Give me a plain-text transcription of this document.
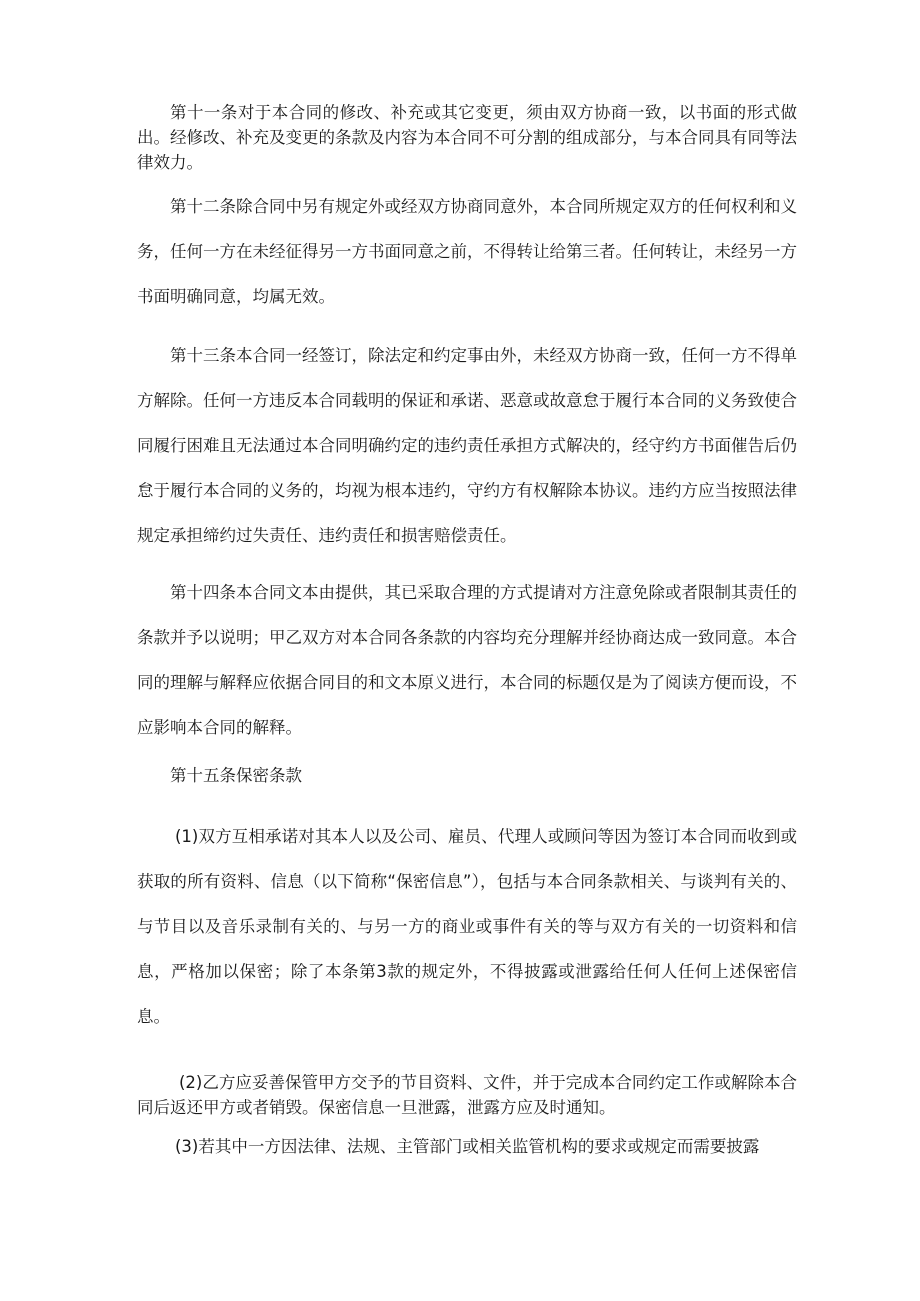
第十一条对于本合同的修改、补充或其它变更，须由双方协商一致，以书面的形式做出。经修改、补充及变更的条款及内容为本合同不可分割的组成部分，与本合同具有同等法律效力。

第十二条除合同中另有规定外或经双方协商同意外，本合同所规定双方的任何权利和义务，任何一方在未经征得另一方书面同意之前，不得转让给第三者。任何转让，未经另一方书面明确同意，均属无效。

第十三条本合同一经签订，除法定和约定事由外，未经双方协商一致，任何一方不得单方解除。任何一方违反本合同载明的保证和承诺、恶意或故意怠于履行本合同的义务致使合同履行困难且无法通过本合同明确约定的违约责任承担方式解决的，经守约方书面催告后仍怠于履行本合同的义务的，均视为根本违约，守约方有权解除本协议。违约方应当按照法律规定承担缔约过失责任、违约责任和损害赔偿责任。

第十四条本合同文本由提供，其已采取合理的方式提请对方注意免除或者限制其责任的条款并予以说明；甲乙双方对本合同各条款的内容均充分理解并经协商达成一致同意。本合同的理解与解释应依据合同目的和文本原义进行，本合同的标题仅是为了阅读方便而设，不应影响本合同的解释。

第十五条保密条款

(1)双方互相承诺对其本人以及公司、雇员、代理人或顾问等因为签订本合同而收到或获取的所有资料、信息（以下简称“保密信息”），包括与本合同条款相关、与谈判有关的、与节目以及音乐录制有关的、与另一方的商业或事件有关的等与双方有关的一切资料和信息，严格加以保密；除了本条第3款的规定外，不得披露或泄露给任何人任何上述保密信息。

(2)乙方应妥善保管甲方交予的节目资料、文件，并于完成本合同约定工作或解除本合同后返还甲方或者销毁。保密信息一旦泄露，泄露方应及时通知。

(3)若其中一方因法律、法规、主管部门或相关监管机构的要求或规定而需要披露
